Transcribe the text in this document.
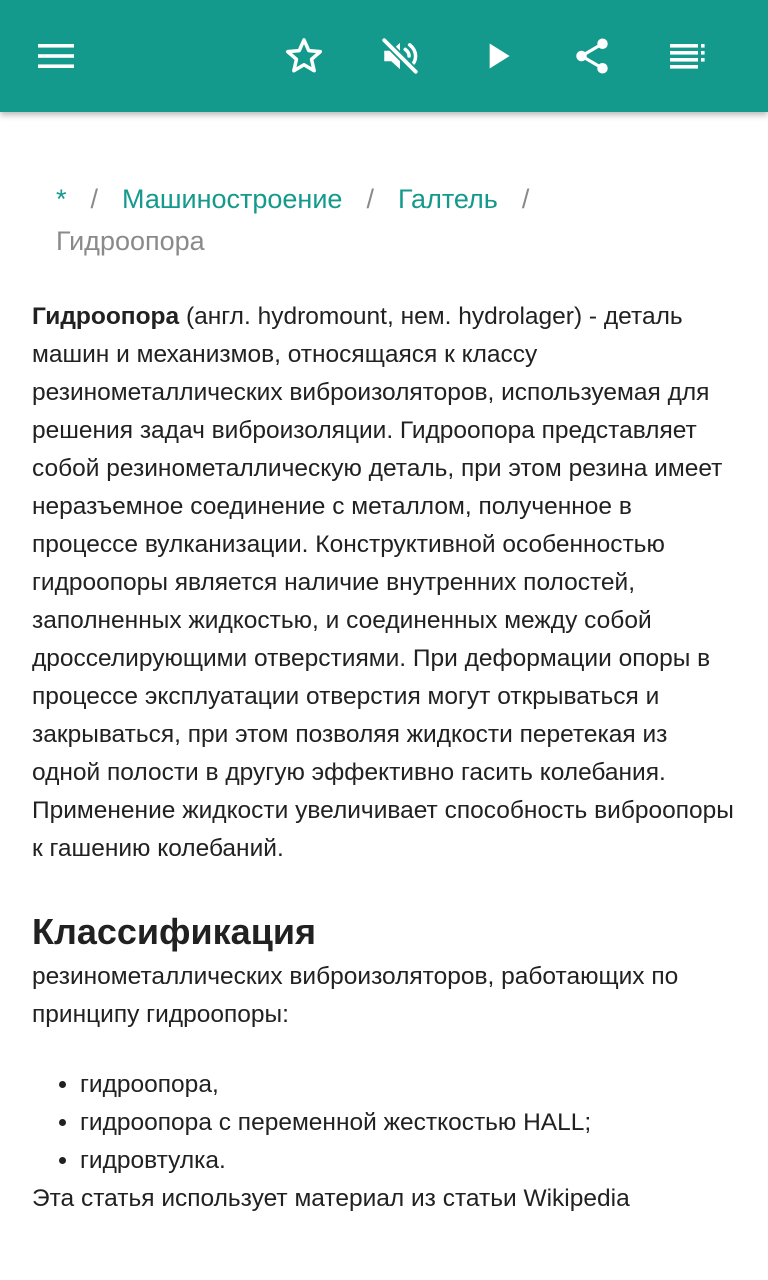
* / Машиностроение / Галтель /
Гидроопора

Гидроопора (англ. hydromount, нем. hydrolager) - деталь машин и механизмов, относящаяся к классу резинометаллических виброизоляторов, используемая для решения задач виброизоляции. Гидроопора представляет собой резинометаллическую деталь, при этом резина имеет неразъемное соединение с металлом, полученное в процессе вулканизации. Конструктивной особенностью гидроопоры является наличие внутренних полостей, заполненных жидкостью, и соединенных между собой дросселирующими отверстиями. При деформации опоры в процессе эксплуатации отверстия могут открываться и закрываться, при этом позволяя жидкости перетекая из одной полости в другую эффективно гасить колебания. Применение жидкости увеличивает способность виброопоры к гашению колебаний.

Классификация

резинометаллических виброизоляторов, работающих по принципу гидроопоры:

• гидроопора,
• гидроопора с переменной жесткостью HALL;
• гидровтулка.

Эта статья использует материал из статьи Wikipedia
